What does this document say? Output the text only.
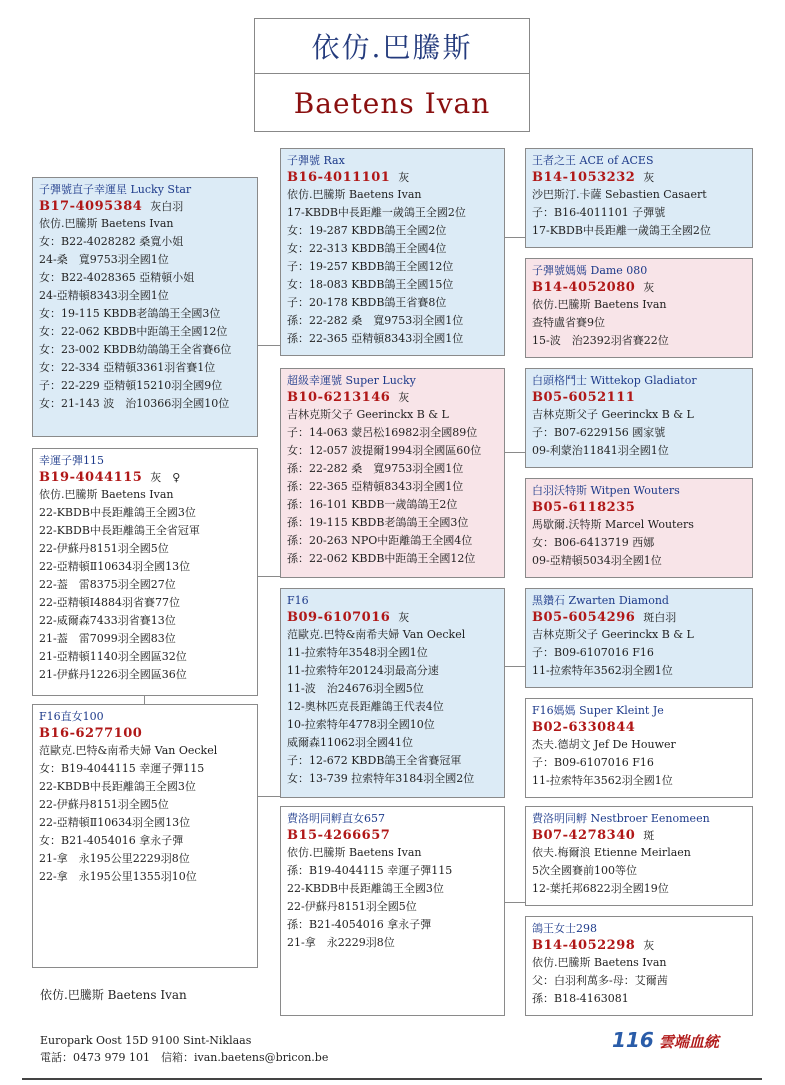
依仿.巴騰斯
Baetens Ivan
子彈號直子幸運星 Lucky Star
B17-4095384 灰白羽
依仿.巴騰斯 Baetens Ivan
女：B22-4028282 桑寬小姐
24-桑　寬9753羽全國1位
女：B22-4028365 亞精頓小姐
24-亞精頓8343羽全國1位
女：19-115 KBDB老鴿鴿王全國3位
女：22-062 KBDB中距鴿王全國12位
女：23-002 KBDB幼鴿鴿王全省賽6位
女：22-334 亞精頓3361羽省賽1位
子：22-229 亞精頓15210羽全國9位
女：21-143 波　治10366羽全國10位
幸運子彈115
B19-4044115 灰　♀
依仿.巴騰斯 Baetens Ivan
22-KBDB中長距離鴿王全國3位
22-KBDB中長距離鴿王全省冠軍
22-伊蘇丹8151羽全國5位
22-亞精頓Ⅱ10634羽全國13位
22-葢　雷8375羽全國27位
22-亞精頓Ⅰ4884羽省賽77位
22-威爾森7433羽省賽13位
21-葢　雷7099羽全國83位
21-亞精頓1140羽全國區32位
21-伊蘇丹1226羽全國區36位
F16直女100
B16-6277100
范歐克.巴特&南希夫婦 Van Oeckel
女：B19-4044115 幸運子彈115
22-KBDB中長距離鴿王全國3位
22-伊蘇丹8151羽全國5位
22-亞精頓Ⅱ10634羽全國13位
女：B21-4054016 拿永子彈
21-拿　永195公里2229羽8位
22-拿　永195公里1355羽10位
子彈號 Rax
B16-4011101 灰
依仿.巴騰斯 Baetens Ivan
17-KBDB中長距離一歲鴿王全國2位
女：19-287 KBDB鴿王全國2位
女：22-313 KBDB鴿王全國4位
子：19-257 KBDB鴿王全國12位
女：18-083 KBDB鴿王全國15位
子：20-178 KBDB鴿王省賽8位
孫：22-282 桑　寬9753羽全國1位
孫：22-365 亞精頓8343羽全國1位
超級幸運號 Super Lucky
B10-6213146 灰
吉林克斯父子 Geerinckx B & L
子：14-063 蒙呂松16982羽全國89位
女：12-057 波提爾1994羽全國區60位
孫：22-282 桑　寬9753羽全國1位
孫：22-365 亞精頓8343羽全國1位
孫：16-101 KBDB一歲鴿鴿王2位
孫：19-115 KBDB老鴿鴿王全國3位
孫：20-263 NPO中距離鴿王全國4位
孫：22-062 KBDB中距鴿王全國12位
F16
B09-6107016 灰
范歐克.巴特&南希夫婦 Van Oeckel
11-拉索特年3548羽全國1位
11-拉索特年20124羽最高分速
11-波　治24676羽全國5位
12-奧林匹克長距離鴿王代表4位
10-拉索特年4778羽全國10位
威爾森11062羽全國41位
子：12-672 KBDB鴿王全省賽冠軍
女：13-739 拉索特年3184羽全國2位
費洛明同孵直女657
B15-4266657
依仿.巴騰斯 Baetens Ivan
孫：B19-4044115 幸運子彈115
22-KBDB中長距離鴿王全國3位
22-伊蘇丹8151羽全國5位
孫：B21-4054016 拿永子彈
21-拿　永2229羽8位
王者之王 ACE of ACES
B14-1053232 灰
沙巴斯汀.卡薩 Sebastien Casaert
子：B16-4011101 子彈號
17-KBDB中長距離一歲鴿王全國2位
子彈號媽媽 Dame 080
B14-4052080 灰
依仿.巴騰斯 Baetens Ivan
查特盧省賽9位
15-波　治2392羽省賽22位
白頭格鬥士 Wittekop Gladiator
B05-6052111
吉林克斯父子 Geerinckx B & L
子：B07-6229156 國家號
09-利蒙治11841羽全國1位
白羽沃特斯 Witpen Wouters
B05-6118235
馬歇爾.沃特斯 Marcel Wouters
女：B06-6413719 西娜
09-亞精頓5034羽全國1位
黑鑽石 Zwarten Diamond
B05-6054296 斑白羽
吉林克斯父子 Geerinckx B & L
子：B09-6107016 F16
11-拉索特年3562羽全國1位
F16媽媽 Super Kleint Je
B02-6330844
杰夫.德胡文 Jef De Houwer
子：B09-6107016 F16
11-拉索特年3562羽全國1位
費洛明同孵 Nestbroer Eenomeen
B07-4278340 斑
依夫.梅爾浪 Etienne Meirlaen
5次全國賽前100等位
12-葉托邦6822羽全國19位
鴿王女士298
B14-4052298 灰
依仿.巴騰斯 Baetens Ivan
父：白羽利萬多-母：艾爾茜
孫：B18-4163081
依仿.巴騰斯 Baetens Ivan
Europark Oost 15D 9100 Sint-Niklaas
電話：0473 979 101　信箱：ivan.baetens@bricon.be
116 雲端血統
